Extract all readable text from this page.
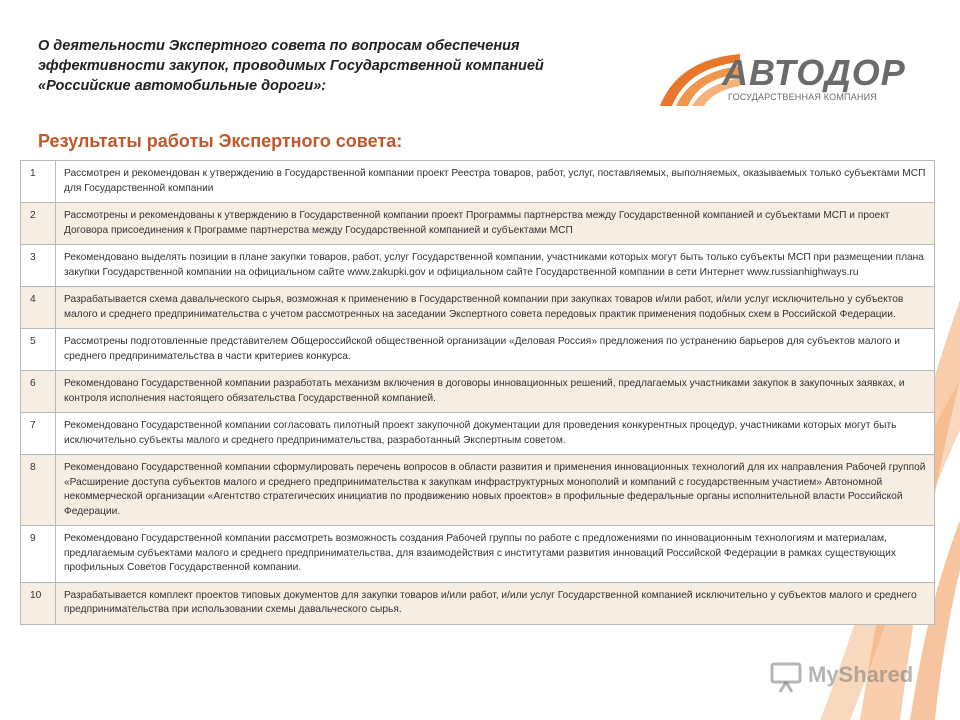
О деятельности Экспертного совета по вопросам обеспечения
эффективности закупок, проводимых Государственной компанией
«Российские автомобильные дороги»:	АВТОДОР
ГОСУДАРСТВЕННАЯ КОМПАНИЯ
Результаты работы Экспертного совета:
1	Рассмотрен и рекомендован к утверждению в Государственной компании проект Реестра товаров, работ, услуг, поставляемых, выполняемых, оказываемых только субъектами МСП для Государственной компании
2	Рассмотрены и рекомендованы к утверждению в Государственной компании проект Программы партнерства между Государственной компанией и субъектами МСП и проект Договора присоединения к Программе партнерства между Государственной компанией и субъектами МСП
3	Рекомендовано выделять позиции в плане закупки товаров, работ, услуг Государственной компании, участниками которых могут быть только субъекты МСП при размещении плана закупки Государственной компании на официальном сайте www.zakupki.gov и официальном сайте Государственной компании в сети Интернет www.russianhighways.ru
4	Разрабатывается схема давальческого сырья, возможная к применению в Государственной компании при закупках товаров и/или работ, и/или услуг исключительно у субъектов малого и среднего предпринимательства с учетом рассмотренных на заседании Экспертного совета передовых практик применения подобных схем в Российской Федерации.
5	Рассмотрены подготовленные представителем Общероссийской общественной организации «Деловая Россия» предложения по устранению барьеров для субъектов малого и среднего предпринимательства в части критериев конкурса.
6	Рекомендовано Государственной компании разработать механизм включения в договоры инновационных решений, предлагаемых участниками закупок в закупочных заявках, и контроля исполнения настоящего обязательства Государственной компанией.
7	Рекомендовано Государственной компании согласовать пилотный проект закупочной документации для проведения конкурентных процедур, участниками которых могут быть исключительно субъекты малого и среднего предпринимательства, разработанный Экспертным советом.
8	Рекомендовано Государственной компании сформулировать перечень вопросов в области развития и применения инновационных технологий для их направления Рабочей группой «Расширение доступа субъектов малого и среднего предпринимательства к закупкам инфраструктурных монополий и компаний с государственным участием» Автономной некоммерческой организации «Агентство стратегических инициатив по продвижению новых проектов» в профильные федеральные органы исполнительной власти Российской Федерации.
9	Рекомендовано Государственной компании рассмотреть возможность создания Рабочей группы по работе с предложениями по инновационным технологиям и материалам, предлагаемым субъектами малого и среднего предпринимательства, для взаимодействия с институтами развития инноваций Российской Федерации в рамках существующих профильных Советов Государственной компании.
10	Разрабатывается комплект проектов типовых документов для закупки товаров и/или работ, и/или услуг Государственной компанией исключительно у субъектов малого и среднего предпринимательства при использовании схемы давальческого сырья.
MyShared
